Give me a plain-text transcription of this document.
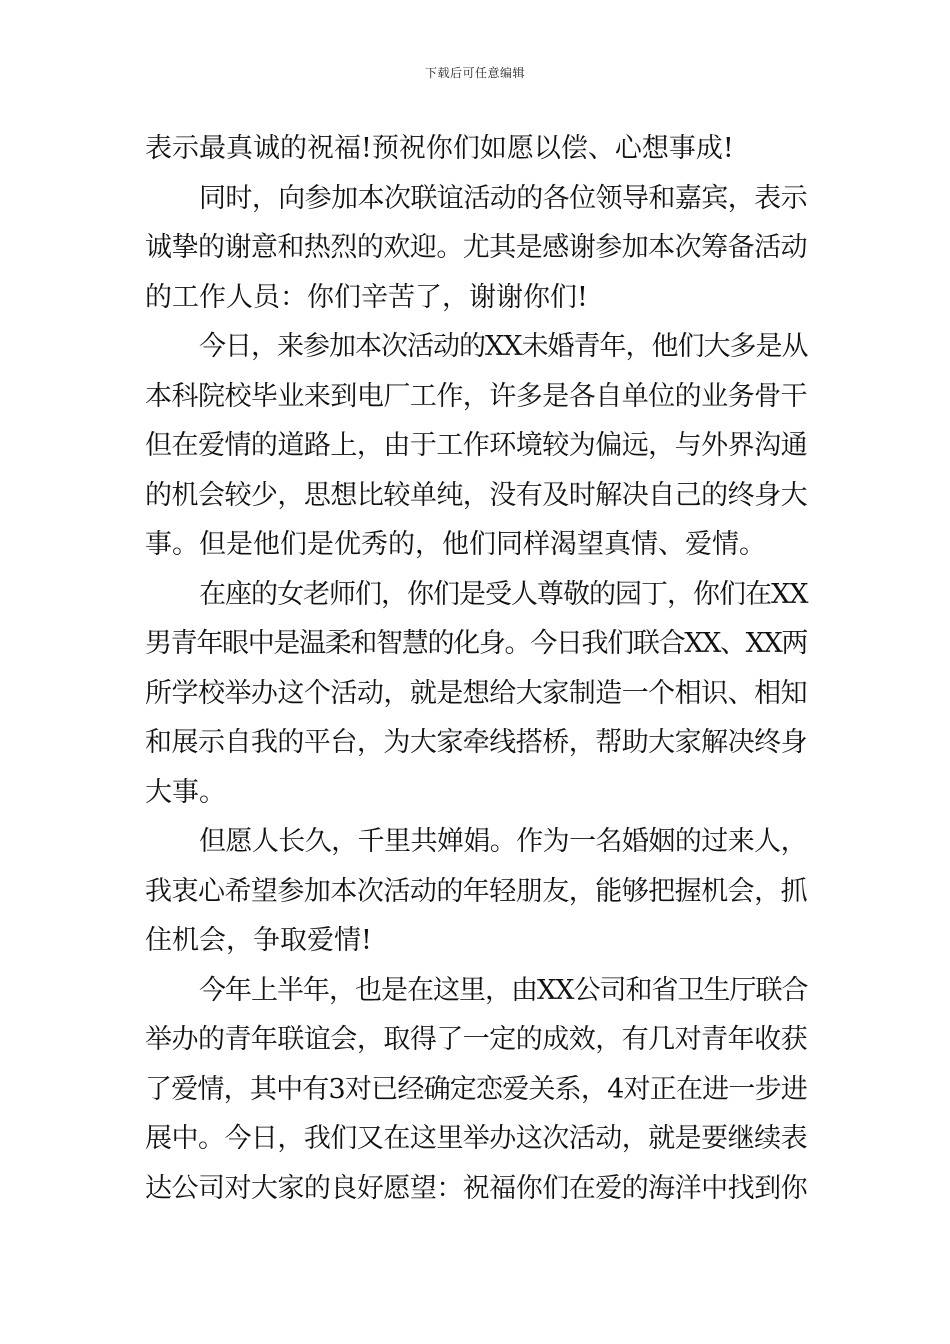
下载后可任意编辑
表示最真诚的祝福!预祝你们如愿以偿、心想事成!
同时，向参加本次联谊活动的各位领导和嘉宾，表示
诚挚的谢意和热烈的欢迎。尤其是感谢参加本次筹备活动
的工作人员：你们辛苦了，谢谢你们!
今日，来参加本次活动的XX未婚青年，他们大多是从
本科院校毕业来到电厂工作，许多是各自单位的业务骨干
但在爱情的道路上，由于工作环境较为偏远，与外界沟通
的机会较少，思想比较单纯，没有及时解决自己的终身大
事。但是他们是优秀的，他们同样渴望真情、爱情。
在座的女老师们，你们是受人尊敬的园丁，你们在XX
男青年眼中是温柔和智慧的化身。今日我们联合XX、XX两
所学校举办这个活动，就是想给大家制造一个相识、相知
和展示自我的平台，为大家牵线搭桥，帮助大家解决终身
大事。
但愿人长久，千里共婵娟。作为一名婚姻的过来人，
我衷心希望参加本次活动的年轻朋友，能够把握机会，抓
住机会，争取爱情!
今年上半年，也是在这里，由XX公司和省卫生厅联合
举办的青年联谊会，取得了一定的成效，有几对青年收获
了爱情，其中有3对已经确定恋爱关系，4对正在进一步进
展中。今日，我们又在这里举办这次活动，就是要继续表
达公司对大家的良好愿望：祝福你们在爱的海洋中找到你
